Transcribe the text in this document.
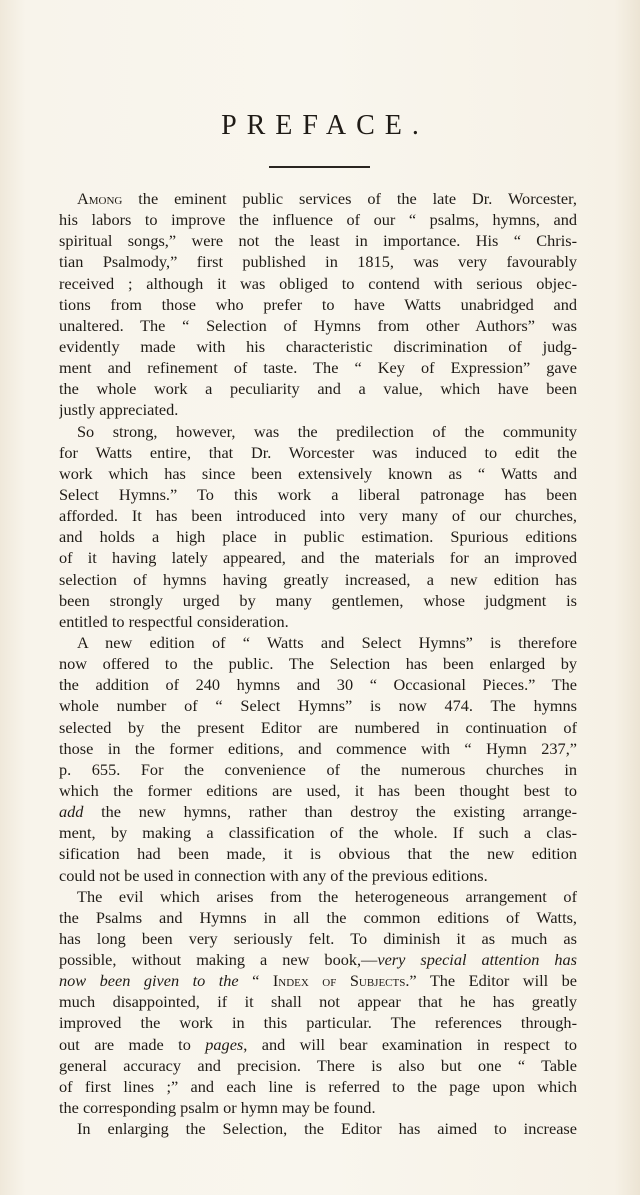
PREFACE.
Among the eminent public services of the late Dr. Worcester,
his labors to improve the influence of our “ psalms, hymns, and
spiritual songs,” were not the least in importance. His “ Chris-
tian Psalmody,” first published in 1815, was very favourably
received ; although it was obliged to contend with serious objec-
tions from those who prefer to have Watts unabridged and
unaltered. The “ Selection of Hymns from other Authors” was
evidently made with his characteristic discrimination of judg-
ment and refinement of taste. The “ Key of Expression” gave
the whole work a peculiarity and a value, which have been
justly appreciated.
So strong, however, was the predilection of the community
for Watts entire, that Dr. Worcester was induced to edit the
work which has since been extensively known as “ Watts and
Select Hymns.” To this work a liberal patronage has been
afforded. It has been introduced into very many of our churches,
and holds a high place in public estimation. Spurious editions
of it having lately appeared, and the materials for an improved
selection of hymns having greatly increased, a new edition has
been strongly urged by many gentlemen, whose judgment is
entitled to respectful consideration.
A new edition of “ Watts and Select Hymns” is therefore
now offered to the public. The Selection has been enlarged by
the addition of 240 hymns and 30 “ Occasional Pieces.” The
whole number of “ Select Hymns” is now 474. The hymns
selected by the present Editor are numbered in continuation of
those in the former editions, and commence with “ Hymn 237,”
p. 655. For the convenience of the numerous churches in
which the former editions are used, it has been thought best to
add the new hymns, rather than destroy the existing arrange-
ment, by making a classification of the whole. If such a clas-
sification had been made, it is obvious that the new edition
could not be used in connection with any of the previous editions.
The evil which arises from the heterogeneous arrangement of
the Psalms and Hymns in all the common editions of Watts,
has long been very seriously felt. To diminish it as much as
possible, without making a new book,—very special attention has
now been given to the “ Index of Subjects.” The Editor will be
much disappointed, if it shall not appear that he has greatly
improved the work in this particular. The references through-
out are made to pages, and will bear examination in respect to
general accuracy and precision. There is also but one “ Table
of first lines ;” and each line is referred to the page upon which
the corresponding psalm or hymn may be found.
In enlarging the Selection, the Editor has aimed to increase
